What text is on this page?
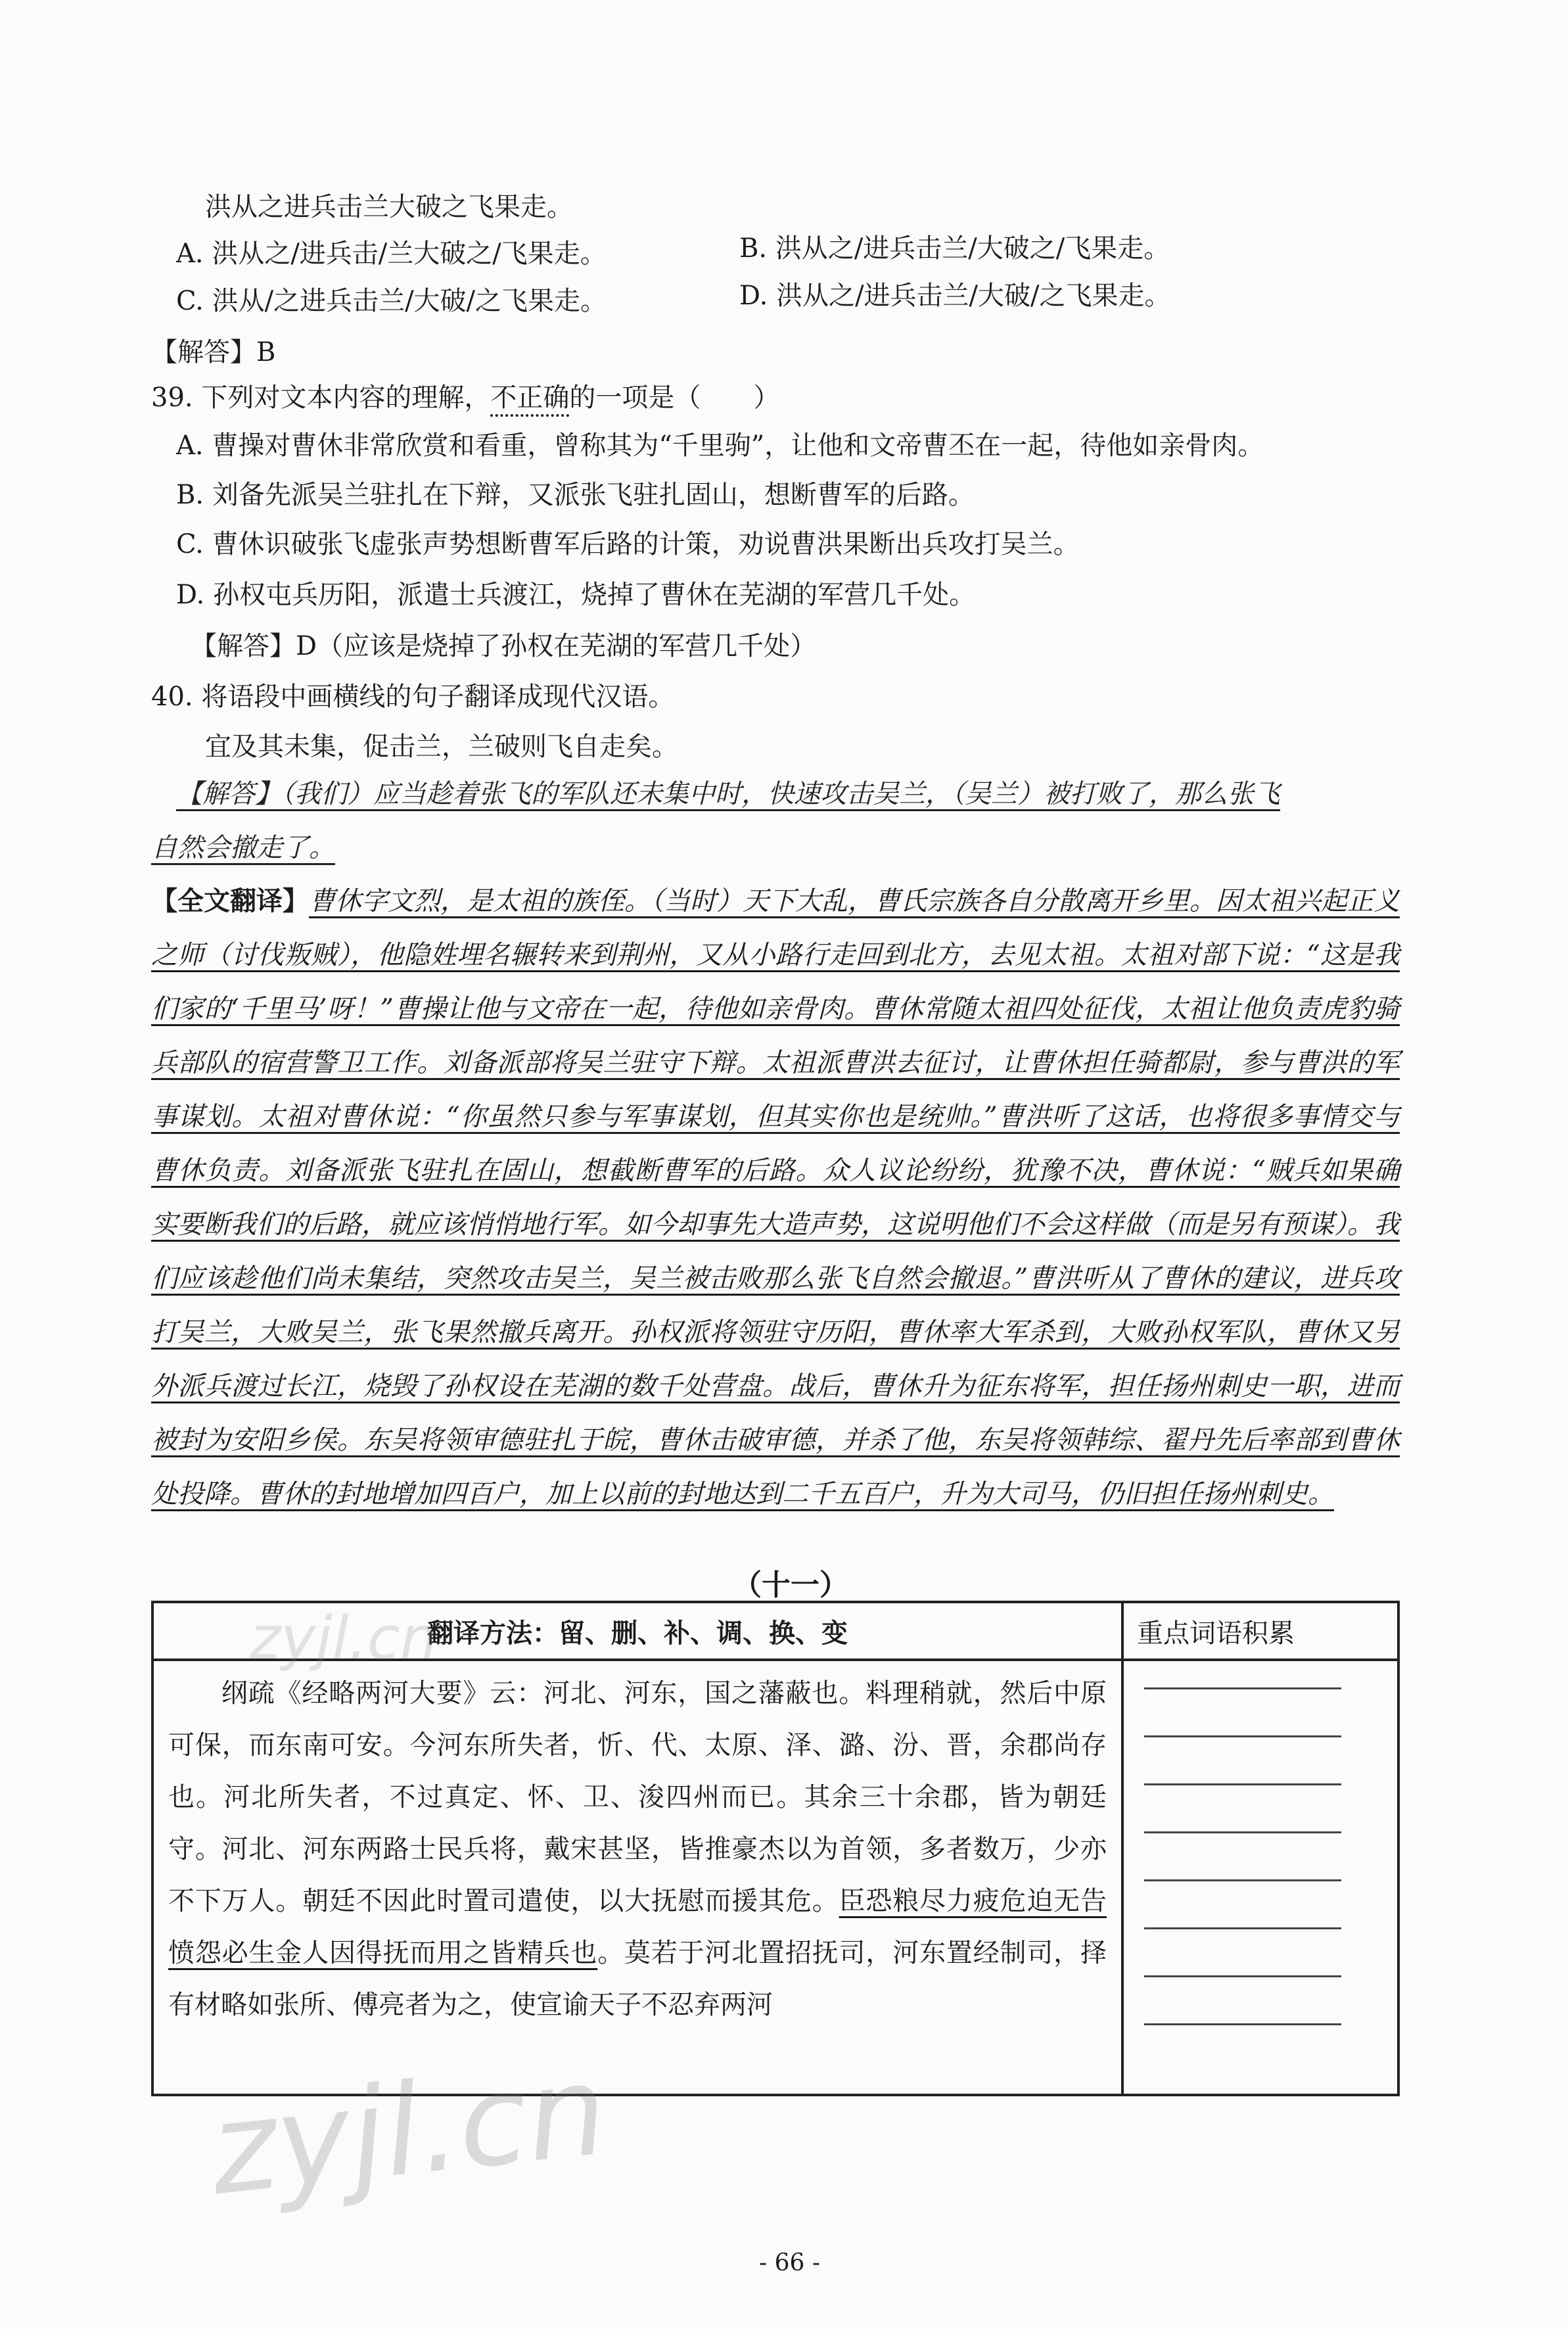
洪从之进兵击兰大破之飞果走。
A. 洪从之/进兵击/兰大破之/飞果走。	B. 洪从之/进兵击兰/大破之/飞果走。
C. 洪从/之进兵击兰/大破/之飞果走。	D. 洪从之/进兵击兰/大破/之飞果走。
【解答】B
39. 下列对文本内容的理解，不正确的一项是（　　）
A. 曹操对曹休非常欣赏和看重，曾称其为“千里驹”，让他和文帝曹丕在一起，待他如亲骨肉。
B. 刘备先派吴兰驻扎在下辩，又派张飞驻扎固山，想断曹军的后路。
C. 曹休识破张飞虚张声势想断曹军后路的计策，劝说曹洪果断出兵攻打吴兰。
D. 孙权屯兵历阳，派遣士兵渡江，烧掉了曹休在芜湖的军营几千处。
【解答】D（应该是烧掉了孙权在芜湖的军营几千处）
40. 将语段中画横线的句子翻译成现代汉语。
宜及其未集，促击兰，兰破则飞自走矣。
【解答】（我们）应当趁着张飞的军队还未集中时，快速攻击吴兰，（吴兰）被打败了，那么张飞
自然会撤走了。
【全文翻译】曹休字文烈，是太祖的族侄。（当时）天下大乱，曹氏宗族各自分散离开乡里。因太祖兴起正义之师（讨伐叛贼），他隐姓埋名辗转来到荆州，又从小路行走回到北方，去见太祖。太祖对部下说：“这是我们家的‘千里马’呀！”曹操让他与文帝在一起，待他如亲骨肉。曹休常随太祖四处征伐，太祖让他负责虎豹骑兵部队的宿营警卫工作。刘备派部将吴兰驻守下辩。太祖派曹洪去征讨，让曹休担任骑都尉，参与曹洪的军事谋划。太祖对曹休说：“你虽然只参与军事谋划，但其实你也是统帅。”曹洪听了这话，也将很多事情交与曹休负责。刘备派张飞驻扎在固山，想截断曹军的后路。众人议论纷纷，犹豫不决，曹休说：“贼兵如果确实要断我们的后路，就应该悄悄地行军。如今却事先大造声势，这说明他们不会这样做（而是另有预谋）。我们应该趁他们尚未集结，突然攻击吴兰，吴兰被击败那么张飞自然会撤退。”曹洪听从了曹休的建议，进兵攻打吴兰，大败吴兰，张飞果然撤兵离开。孙权派将领驻守历阳，曹休率大军杀到，大败孙权军队，曹休又另外派兵渡过长江，烧毁了孙权设在芜湖的数千处营盘。战后，曹休升为征东将军，担任扬州刺史一职，进而被封为安阳乡侯。东吴将领审德驻扎于皖，曹休击破审德，并杀了他，东吴将领韩综、翟丹先后率部到曹休处投降。曹休的封地增加四百户，加上以前的封地达到二千五百户，升为大司马，仍旧担任扬州刺史。
（十一）
翻译方法：留、删、补、调、换、变	重点词语积累
纲疏《经略两河大要》云：河北、河东，国之藩蔽也。料理稍就，然后中原可保，而东南可安。今河东所失者，忻、代、太原、泽、潞、汾、晋，余郡尚存也。河北所失者，不过真定、怀、卫、浚四州而已。其余三十余郡，皆为朝廷守。河北、河东两路士民兵将，戴宋甚坚，皆推豪杰以为首领，多者数万，少亦不下万人。朝廷不因此时置司遣使，以大抚慰而援其危。臣恐粮尽力疲危迫无告愤怨必生金人因得抚而用之皆精兵也。莫若于河北置招抚司，河东置经制司，择有材略如张所、傅亮者为之，使宣谕天子不忍弃两河	
- 66 -
zyjl.cn
zyjl.cn
